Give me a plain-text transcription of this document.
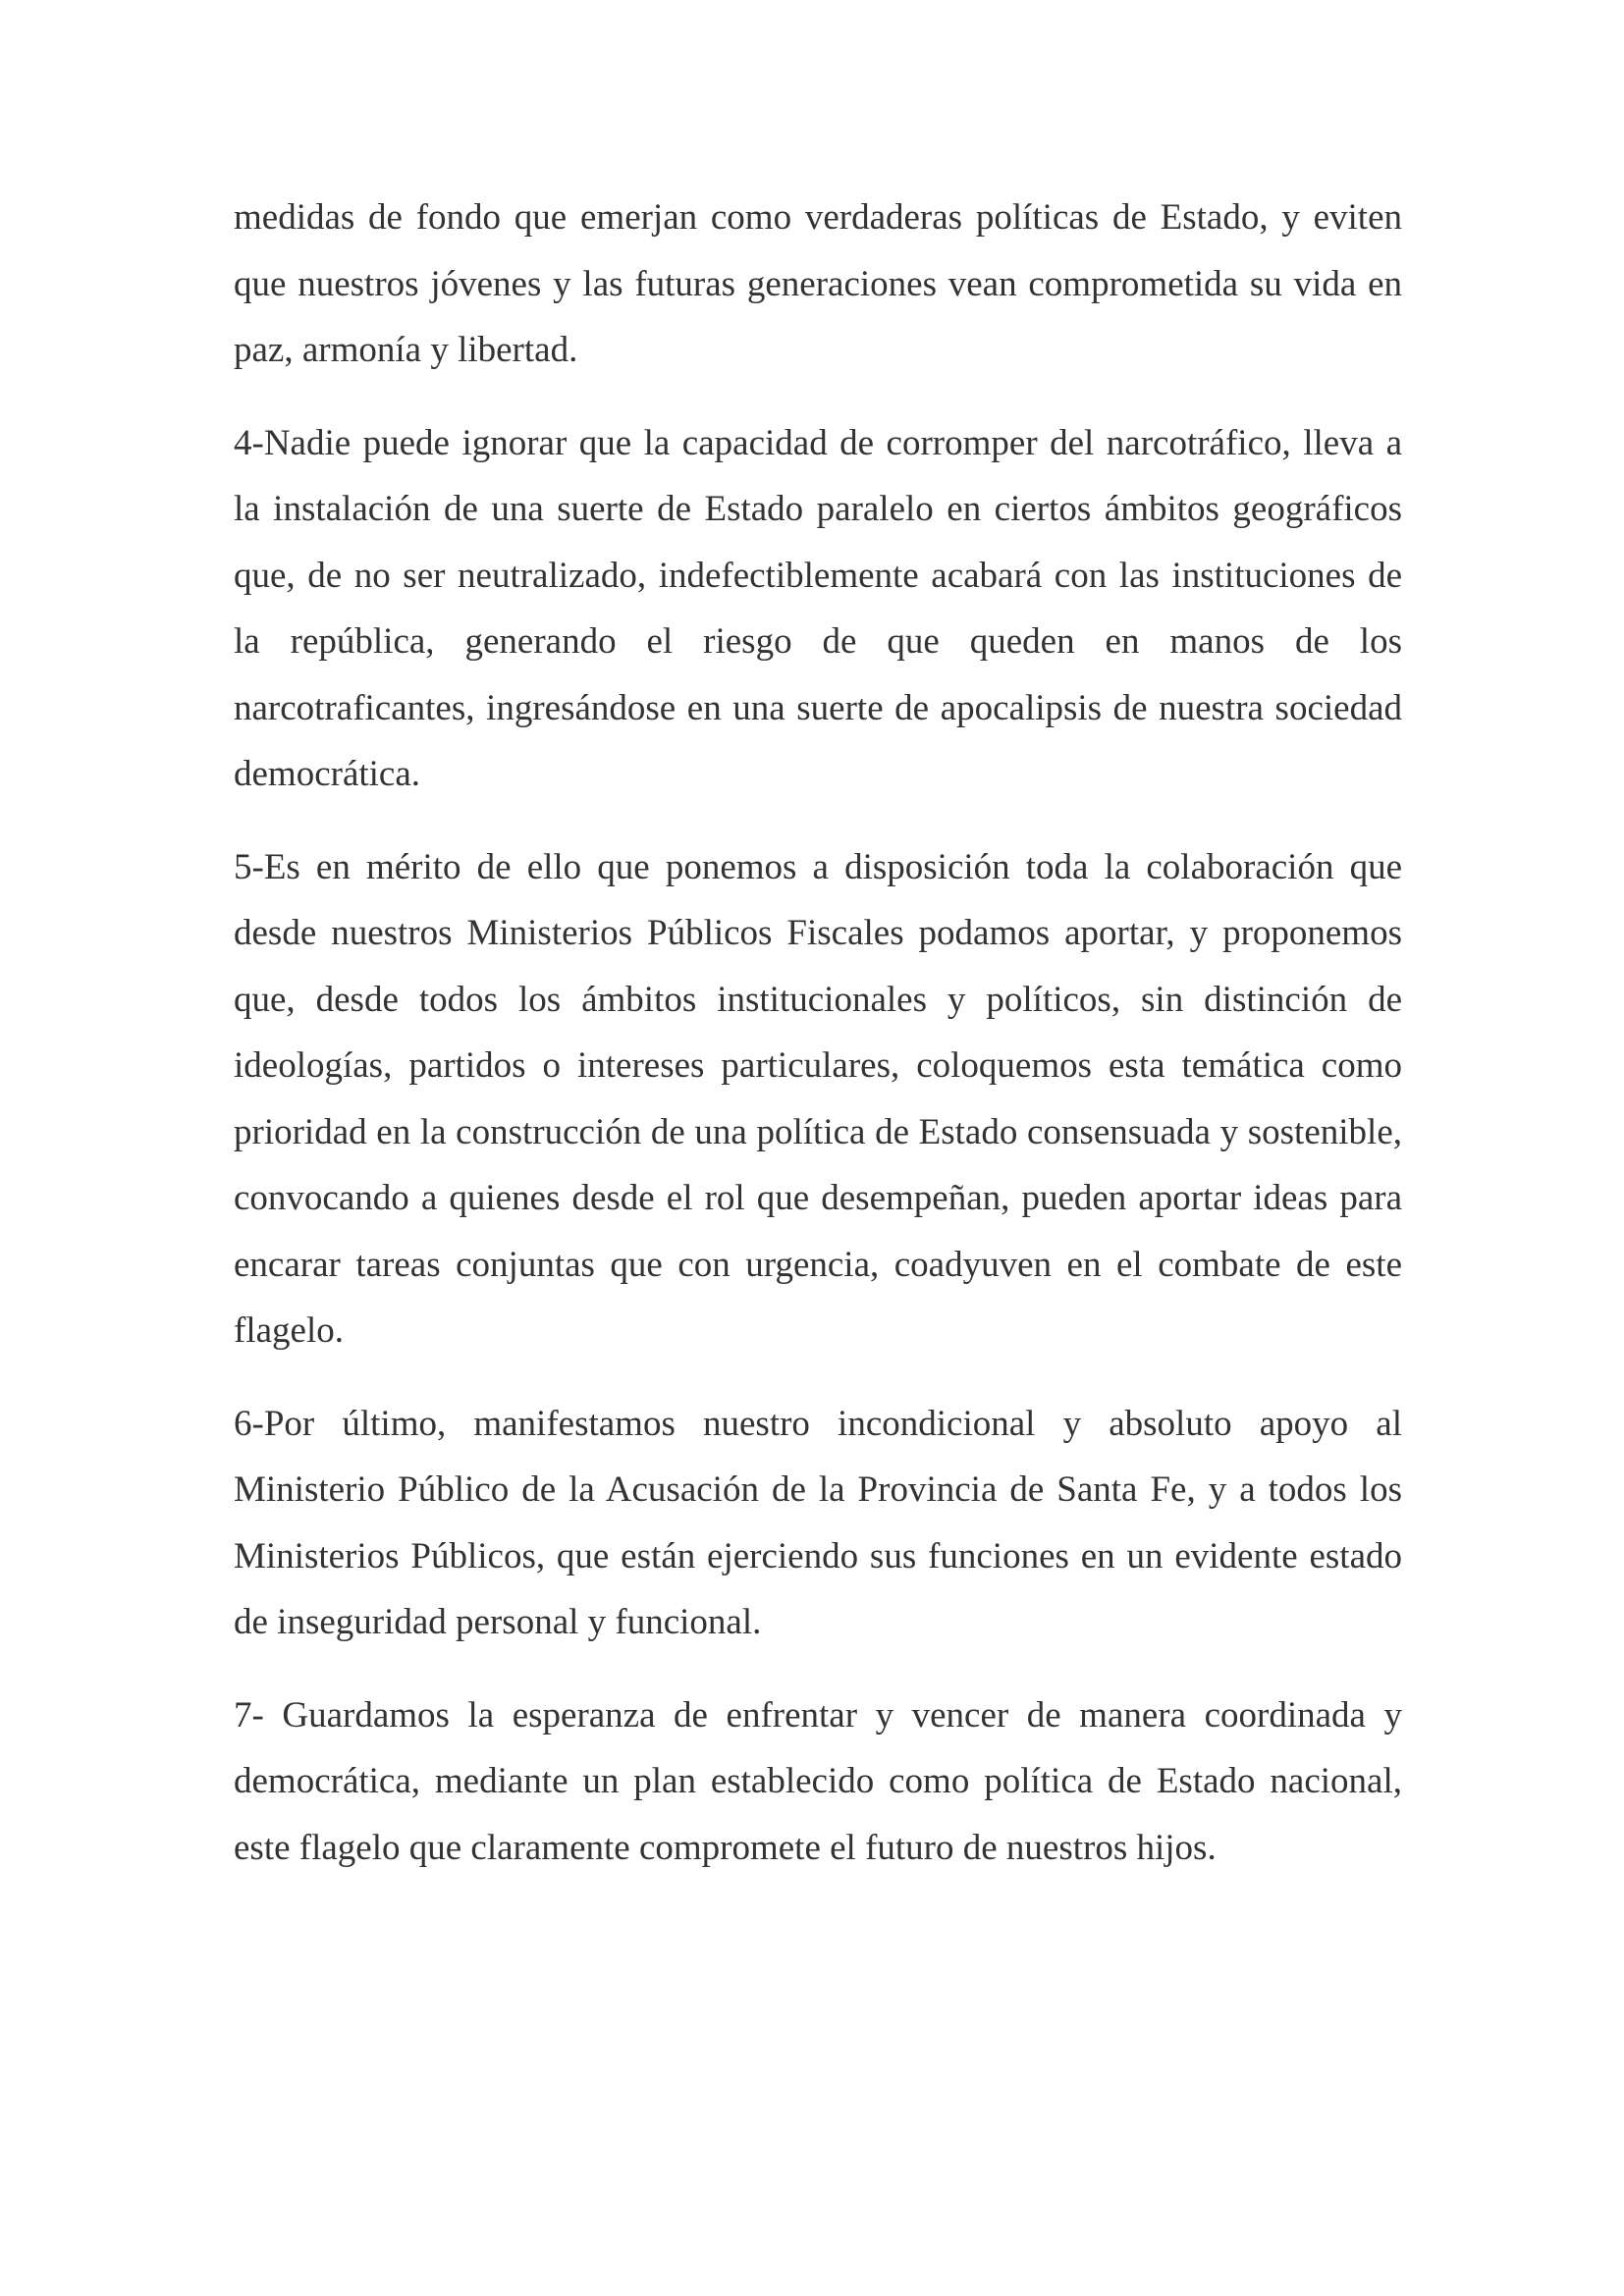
medidas de fondo que emerjan como verdaderas políticas de Estado, y eviten que nuestros jóvenes y las futuras generaciones vean comprometida su vida en paz, armonía y libertad.

4-Nadie puede ignorar que la capacidad de corromper del narcotráfico, lleva a la instalación de una suerte de Estado paralelo en ciertos ámbitos geográficos que, de no ser neutralizado, indefectiblemente acabará con las instituciones de la república, generando el riesgo de que queden en manos de los narcotraficantes, ingresándose en una suerte de apocalipsis de nuestra sociedad democrática.

5-Es en mérito de ello que ponemos a disposición toda la colaboración que desde nuestros Ministerios Públicos Fiscales podamos aportar, y proponemos que, desde todos los ámbitos institucionales y políticos, sin distinción de ideologías, partidos o intereses particulares, coloquemos esta temática como prioridad en la construcción de una política de Estado consensuada y sostenible, convocando a quienes desde el rol que desempeñan, pueden aportar ideas para encarar tareas conjuntas que con urgencia, coadyuven en el combate de este flagelo.

6-Por último, manifestamos nuestro incondicional y absoluto apoyo al Ministerio Público de la Acusación de la Provincia de Santa Fe, y a todos los Ministerios Públicos, que están ejerciendo sus funciones en un evidente estado de inseguridad personal y funcional.

7- Guardamos la esperanza de enfrentar y vencer de manera coordinada y democrática, mediante un plan establecido como política de Estado nacional, este flagelo que claramente compromete el futuro de nuestros hijos.
